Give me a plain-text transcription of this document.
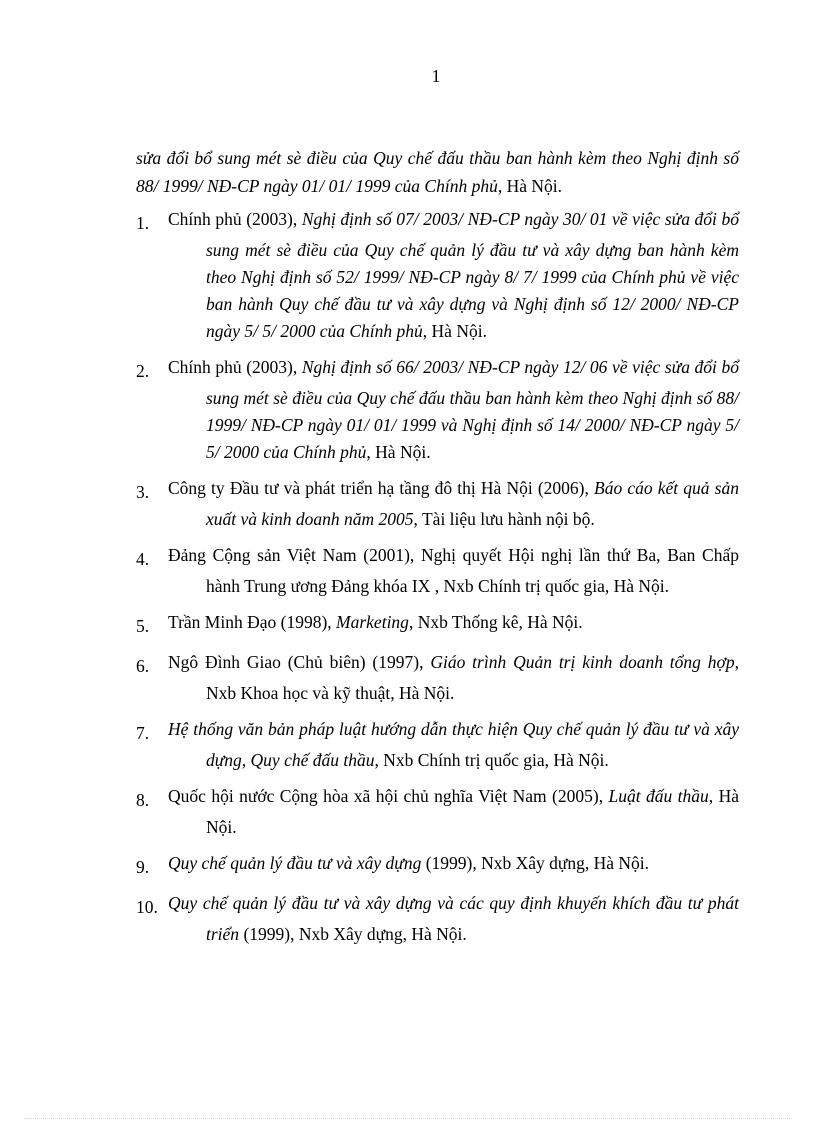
1

sửa đổi bổ sung mét sè điều của Quy chế đấu thầu ban hành kèm theo Nghị định số 88/ 1999/ NĐ-CP ngày 01/ 01/ 1999 của Chính phủ, Hà Nội.

1. Chính phủ (2003), Nghị định số 07/ 2003/ NĐ-CP ngày 30/ 01 về việc sửa đổi bổ sung mét sè điều của Quy chế quản lý đầu tư và xây dựng ban hành kèm theo Nghị định số 52/ 1999/ NĐ-CP ngày 8/ 7/ 1999 của Chính phủ về việc ban hành Quy chế đầu tư và xây dựng và Nghị định số 12/ 2000/ NĐ-CP ngày 5/ 5/ 2000 của Chính phủ, Hà Nội.
2. Chính phủ (2003), Nghị định số 66/ 2003/ NĐ-CP ngày 12/ 06 về việc sửa đổi bổ sung mét sè điều của Quy chế đấu thầu ban hành kèm theo Nghị định số 88/ 1999/ NĐ-CP ngày 01/ 01/ 1999 và Nghị định số 14/ 2000/ NĐ-CP ngày 5/ 5/ 2000 của Chính phủ, Hà Nội.
3. Công ty Đầu tư và phát triển hạ tầng đô thị Hà Nội (2006), Báo cáo kết quả sản xuất và kinh doanh năm 2005, Tài liệu lưu hành nội bộ.
4. Đảng Cộng sản Việt Nam (2001), Nghị quyết Hội nghị lần thứ Ba, Ban Chấp hành Trung ương Đảng khóa IX , Nxb Chính trị quốc gia, Hà Nội.
5. Trần Minh Đạo (1998), Marketing, Nxb Thống kê, Hà Nội.
6. Ngô Đình Giao (Chủ biên) (1997), Giáo trình Quản trị kinh doanh tổng hợp, Nxb Khoa học và kỹ thuật, Hà Nội.
7. Hệ thống văn bản pháp luật hướng dẫn thực hiện Quy chế quản lý đầu tư và xây dựng, Quy chế đấu thầu, Nxb Chính trị quốc gia, Hà Nội.
8. Quốc hội nước Cộng hòa xã hội chủ nghĩa Việt Nam (2005), Luật đấu thầu, Hà Nội.
9. Quy chế quản lý đầu tư và xây dựng (1999), Nxb Xây dựng, Hà Nội.
10. Quy chế quản lý đầu tư và xây dựng và các quy định khuyến khích đầu tư phát triển (1999), Nxb Xây dựng, Hà Nội.
